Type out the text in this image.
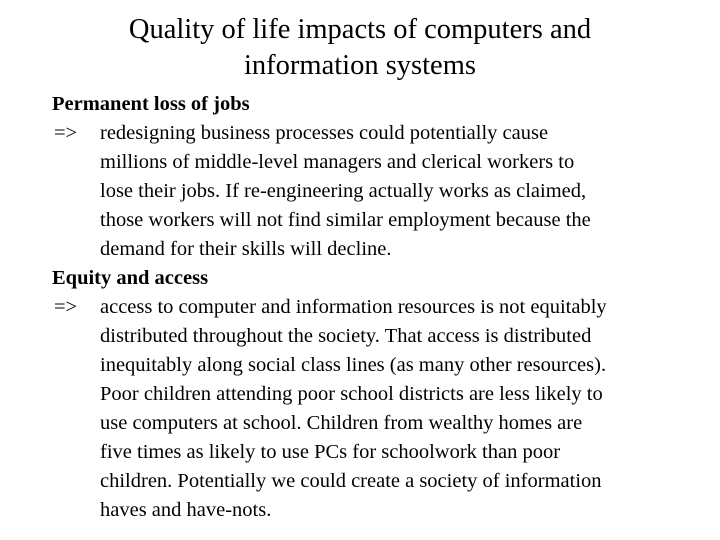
Quality of life impacts of computers and
information systems
Permanent loss of jobs
=>	redesigning business processes could potentially cause
millions of middle-level managers and clerical workers to
lose their jobs. If re-engineering actually works as claimed,
those workers will not find similar employment because the
demand for their skills will decline.
Equity and access
=>	access to computer and information resources is not equitably
distributed throughout the society. That access is distributed
inequitably along social class lines (as many other resources).
Poor children attending poor school districts are less likely to
use computers at school. Children from wealthy homes are
five times as likely to use PCs for schoolwork than poor
children. Potentially we could create a society of information
haves and have-nots.
